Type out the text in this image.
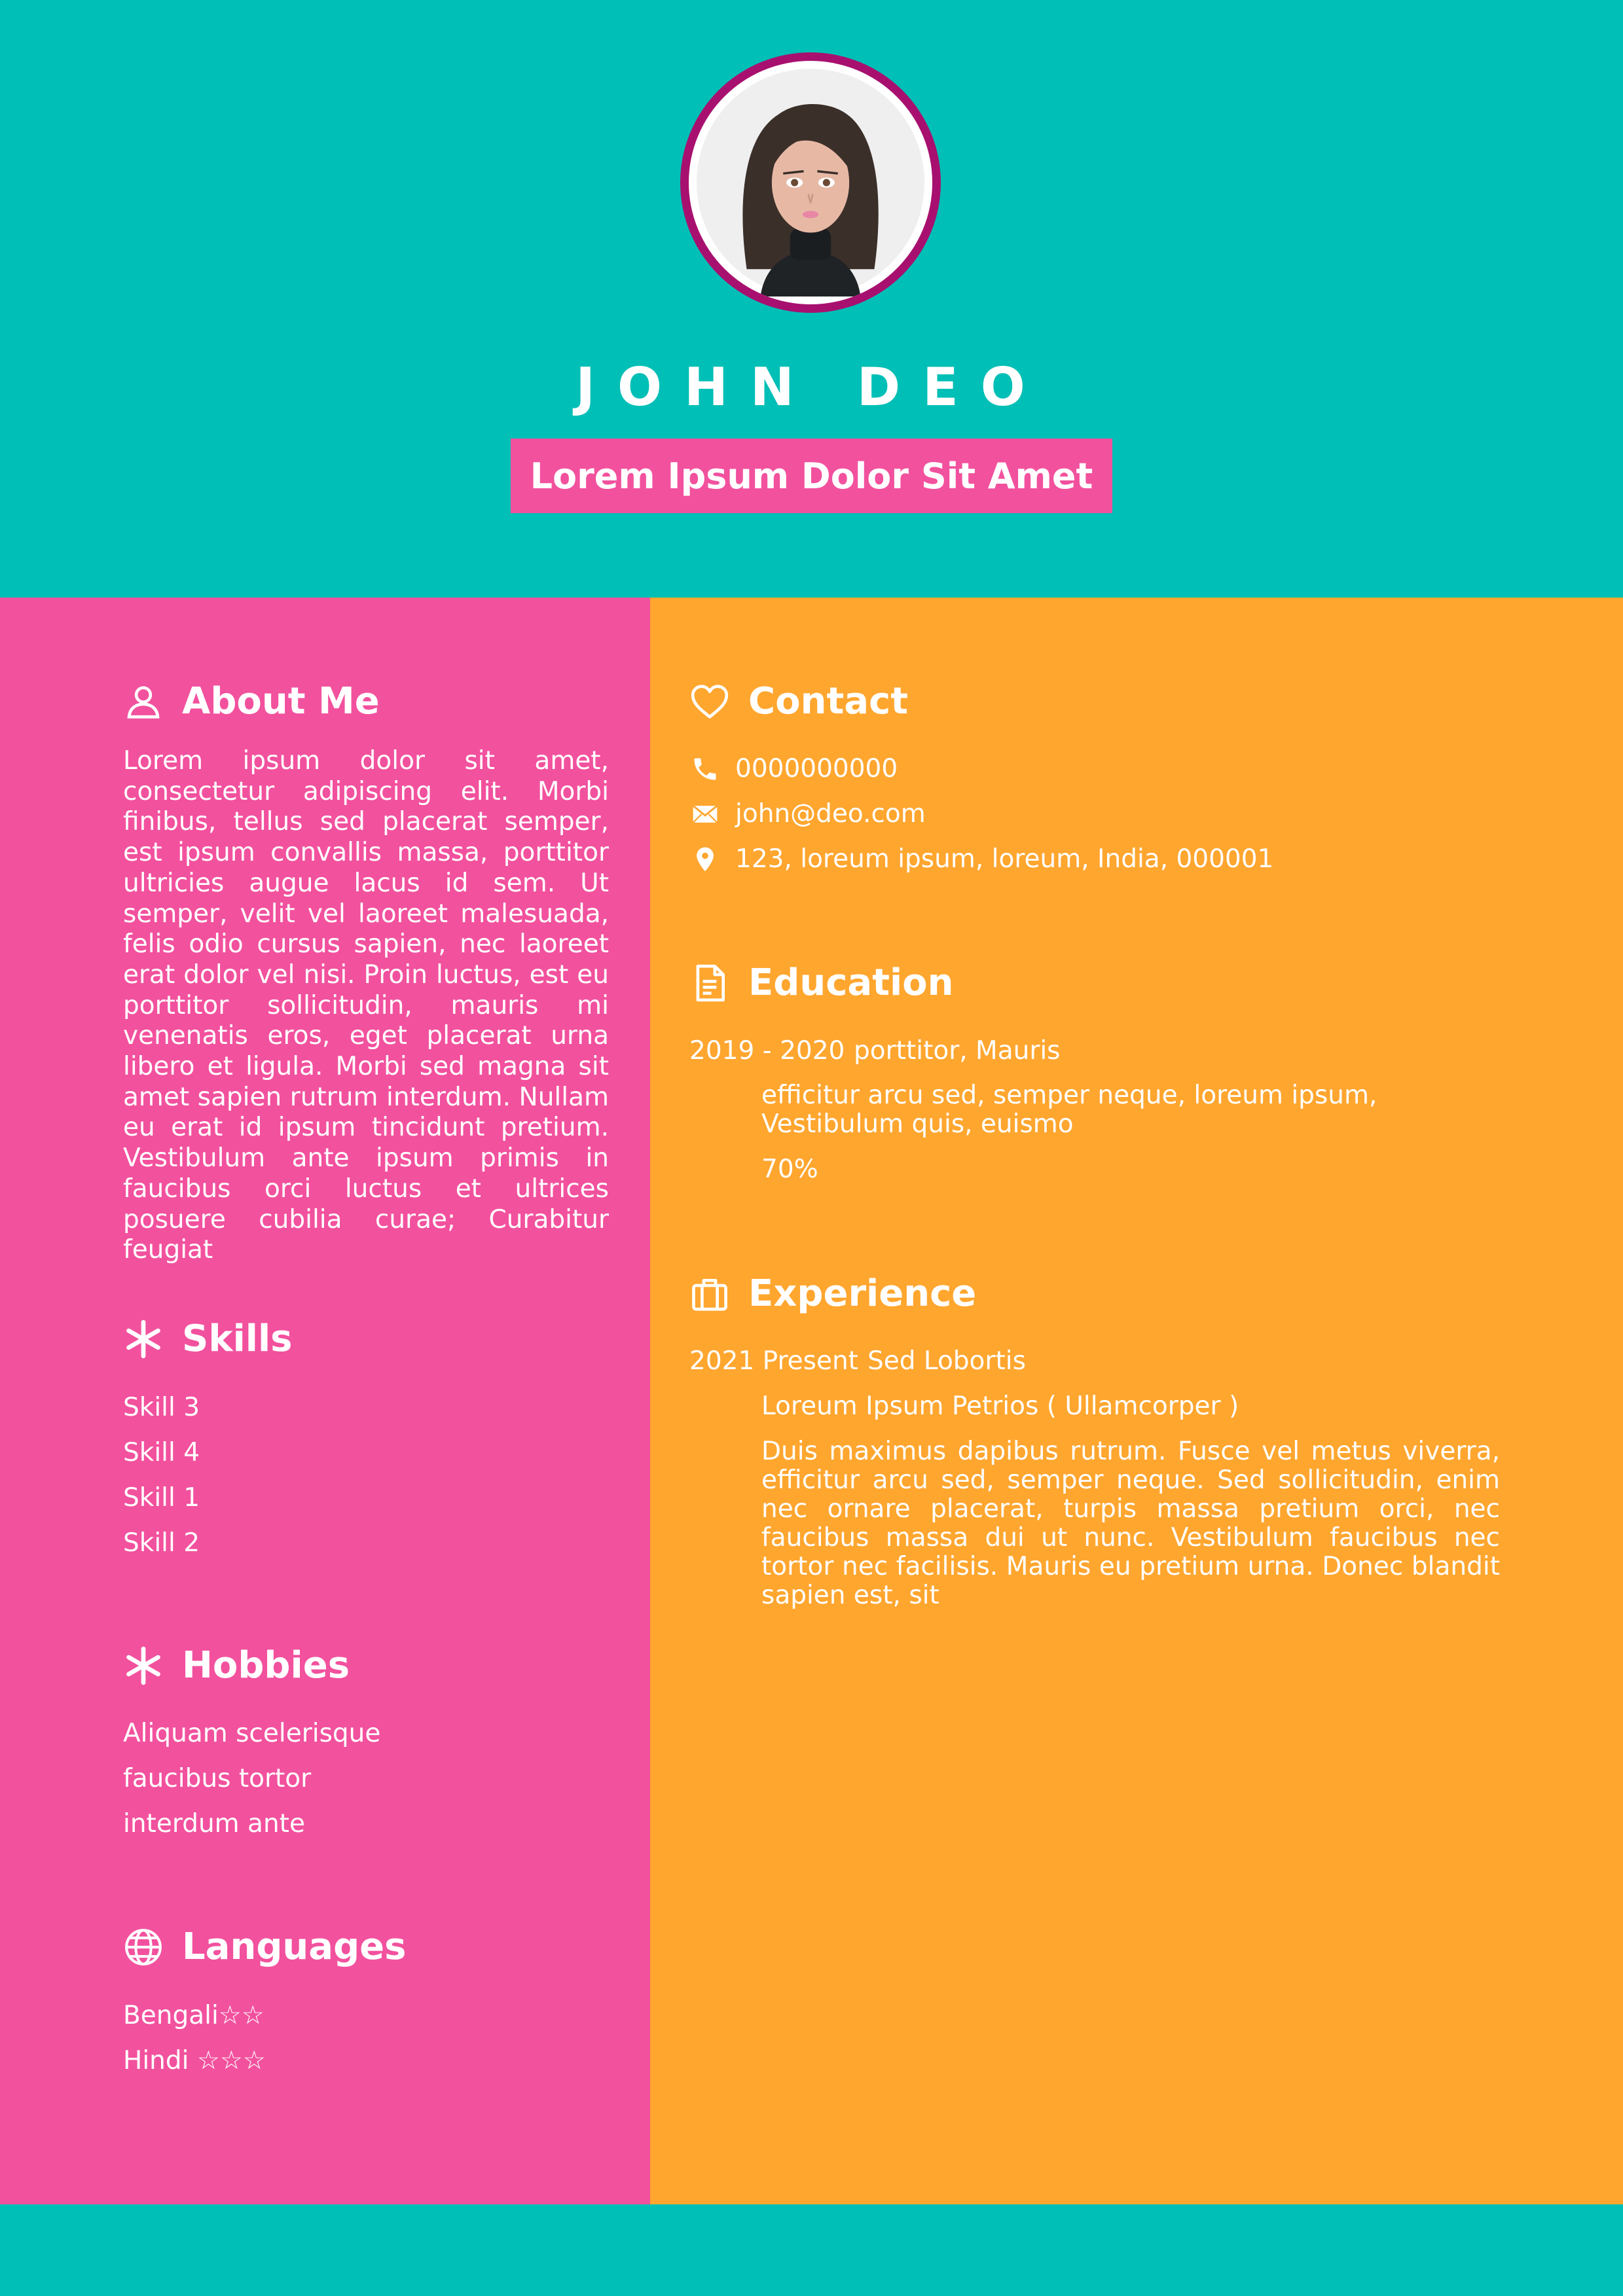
JOHN DEO
Lorem Ipsum Dolor Sit Amet
About Me
Lorem ipsum dolor sit amet, consectetur adipiscing elit. Morbi finibus, tellus sed placerat semper, est ipsum convallis massa, porttitor ultricies augue lacus id sem. Ut semper, velit vel laoreet malesuada, felis odio cursus sapien, nec laoreet erat dolor vel nisi. Proin luctus, est eu porttitor sollicitudin, mauris mi venenatis eros, eget placerat urna libero et ligula. Morbi sed magna sit amet sapien rutrum interdum. Nullam eu erat id ipsum tincidunt pretium. Vestibulum ante ipsum primis in faucibus orci luctus et ultrices posuere cubilia curae; Curabitur feugiat
Skills
Skill 3
Skill 4
Skill 1
Skill 2
Hobbies
Aliquam scelerisque
faucibus tortor
interdum ante
Languages
Bengali☆☆
Hindi ☆☆☆
Contact
0000000000
john@deo.com
123, loreum ipsum, loreum, India, 000001
Education
2019 - 2020 porttitor, Mauris
efficitur arcu sed, semper neque, loreum ipsum, Vestibulum quis, euismo
70%
Experience
2021 Present Sed Lobortis
Loreum Ipsum Petrios ( Ullamcorper )
Duis maximus dapibus rutrum. Fusce vel metus viverra, efficitur arcu sed, semper neque. Sed sollicitudin, enim nec ornare placerat, turpis massa pretium orci, nec faucibus massa dui ut nunc. Vestibulum faucibus nec tortor nec facilisis. Mauris eu pretium urna. Donec blandit sapien est, sit
